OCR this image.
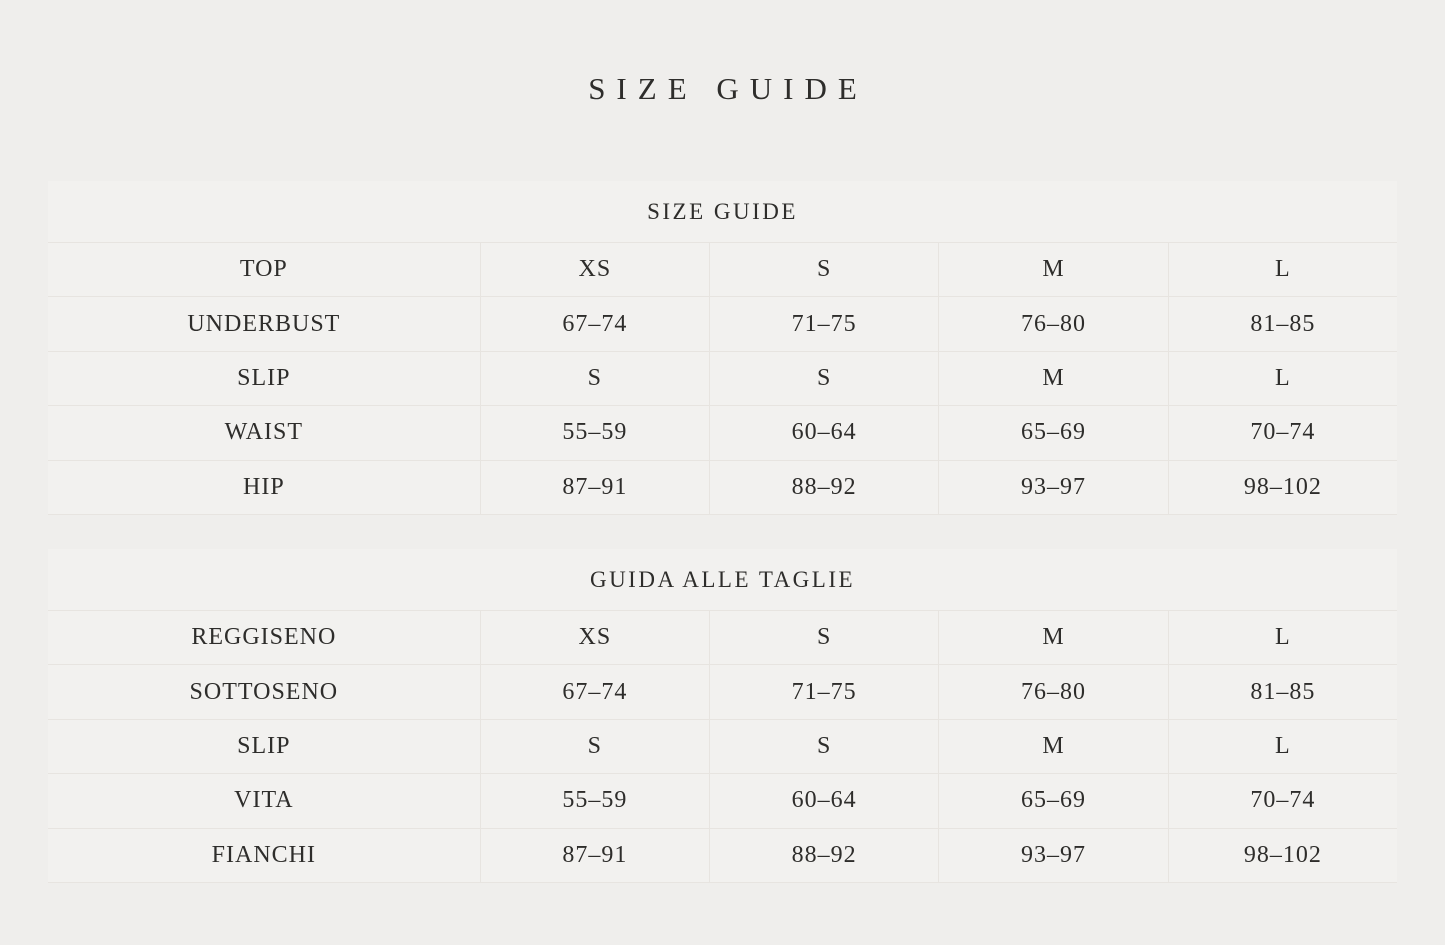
SIZE GUIDE
SIZE GUIDE
TOP	XS	S	M	L
UNDERBUST	67–74	71–75	76–80	81–85
SLIP	S	S	M	L
WAIST	55–59	60–64	65–69	70–74
HIP	87–91	88–92	93–97	98–102
GUIDA ALLE TAGLIE
REGGISENO	XS	S	M	L
SOTTOSENO	67–74	71–75	76–80	81–85
SLIP	S	S	M	L
VITA	55–59	60–64	65–69	70–74
FIANCHI	87–91	88–92	93–97	98–102
